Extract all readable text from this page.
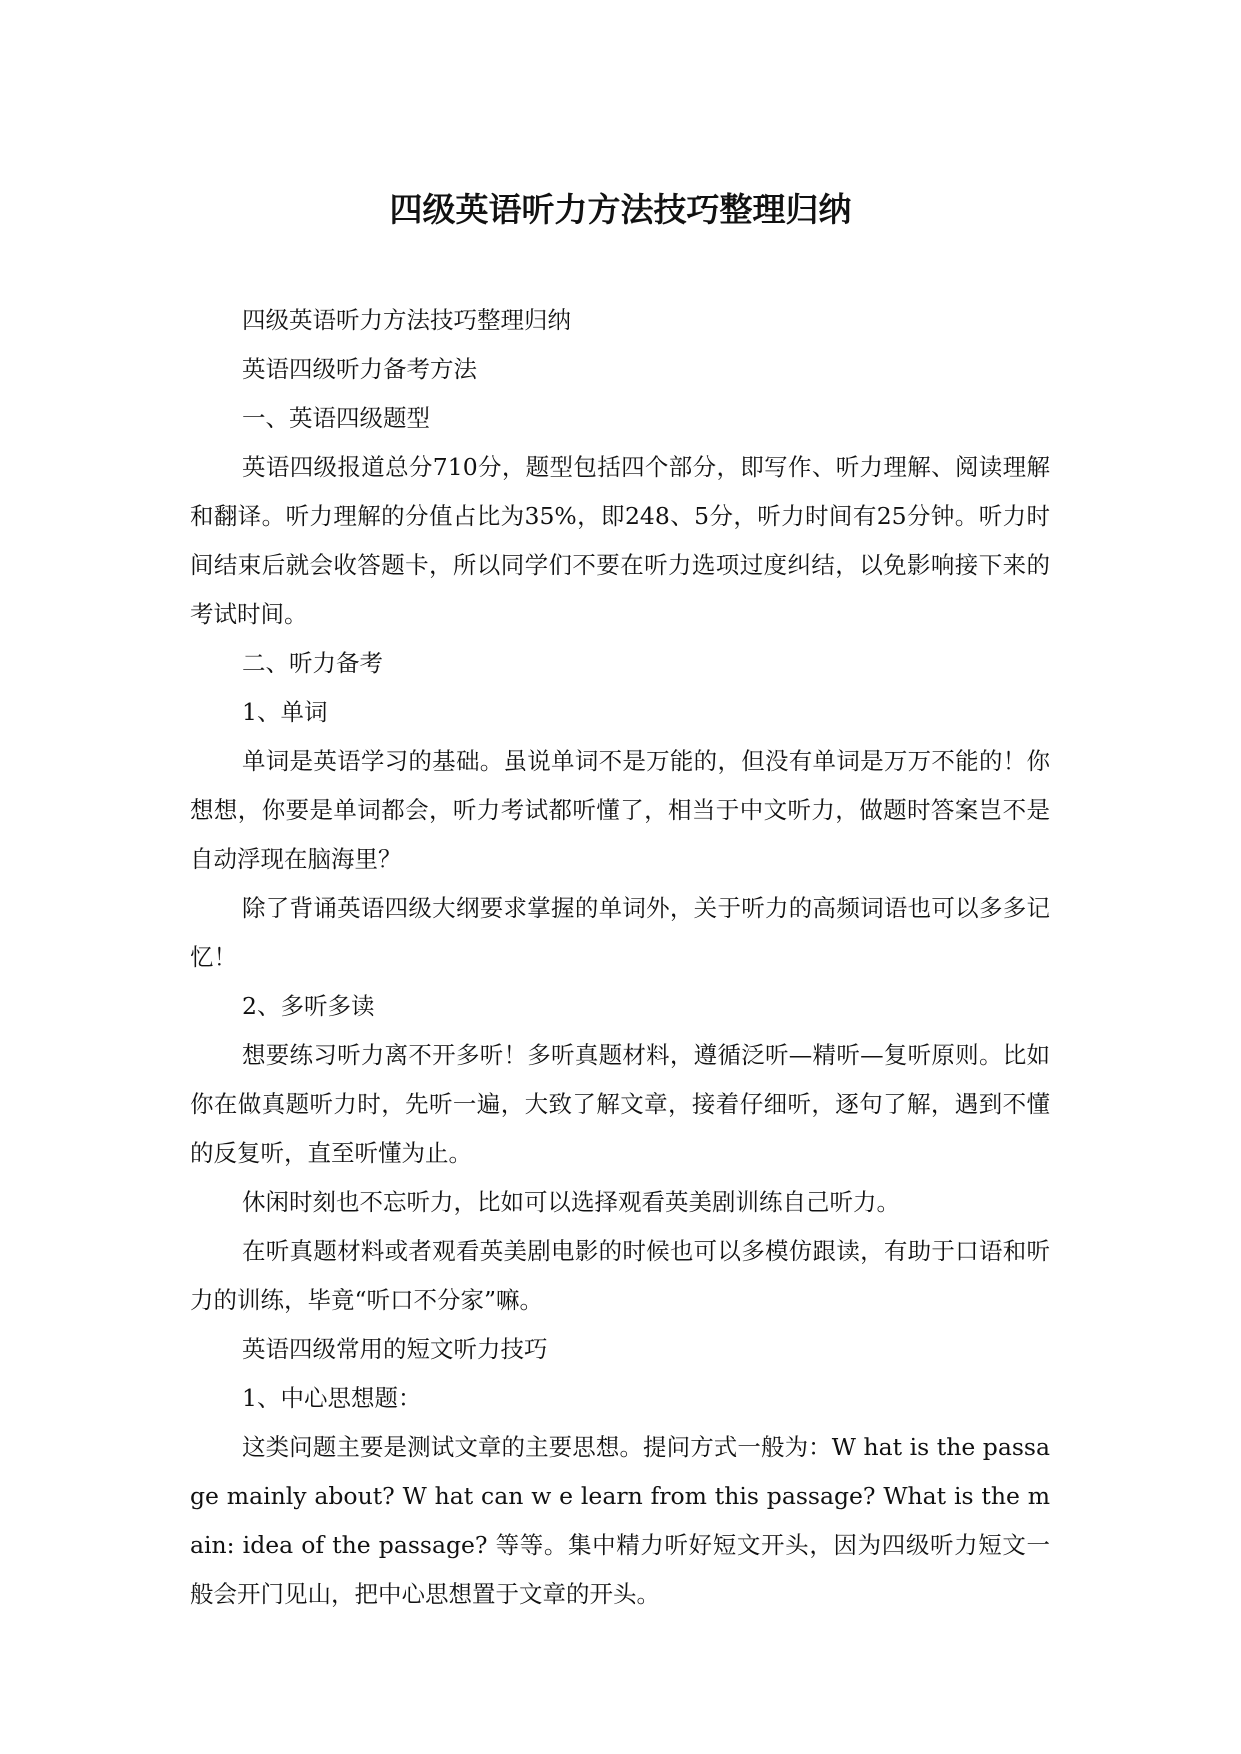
四级英语听力方法技巧整理归纳

四级英语听力方法技巧整理归纳

英语四级听力备考方法

一、英语四级题型

英语四级报道总分710分，题型包括四个部分，即写作、听力理解、阅读理解和翻译。听力理解的分值占比为35%，即248、5分，听力时间有25分钟。听力时间结束后就会收答题卡，所以同学们不要在听力选项过度纠结，以免影响接下来的考试时间。

二、听力备考

1、单词

单词是英语学习的基础。虽说单词不是万能的，但没有单词是万万不能的！你想想，你要是单词都会，听力考试都听懂了，相当于中文听力，做题时答案岂不是自动浮现在脑海里？

除了背诵英语四级大纲要求掌握的单词外，关于听力的高频词语也可以多多记忆！

2、多听多读

想要练习听力离不开多听！多听真题材料，遵循泛听—精听—复听原则。比如你在做真题听力时，先听一遍，大致了解文章，接着仔细听，逐句了解，遇到不懂的反复听，直至听懂为止。

休闲时刻也不忘听力，比如可以选择观看英美剧训练自己听力。

在听真题材料或者观看英美剧电影的时候也可以多模仿跟读，有助于口语和听力的训练，毕竟“听口不分家”嘛。

英语四级常用的短文听力技巧

1、中心思想题：

这类问题主要是测试文章的主要思想。提问方式一般为：W hat is the passage mainly about? W hat can w e learn from this passage? What is the main: idea of the passage? 等等。集中精力听好短文开头，因为四级听力短文一般会开门见山，把中心思想置于文章的开头。
